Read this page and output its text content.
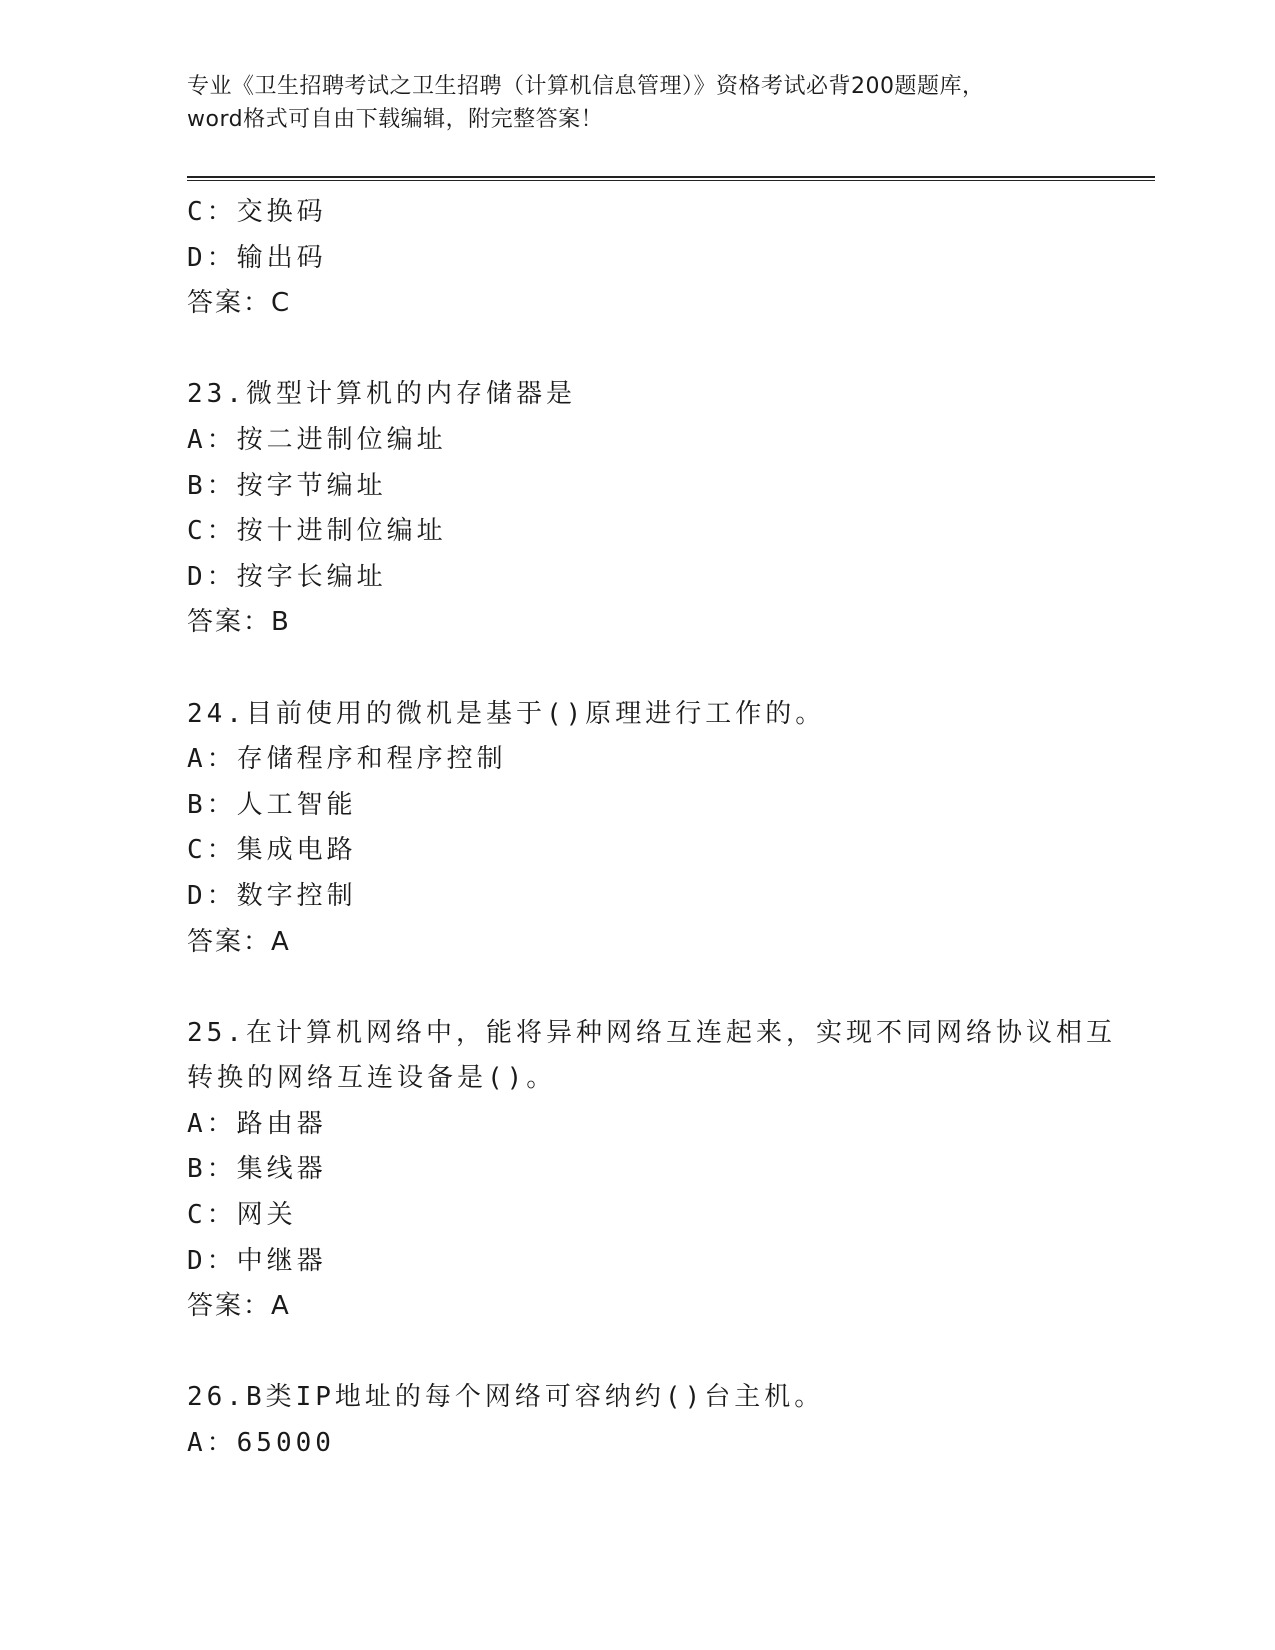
专业《卫生招聘考试之卫生招聘（计算机信息管理）》资格考试必背200题题库，
word格式可自由下载编辑，附完整答案！
C：交换码
D：输出码
答案：C
23.微型计算机的内存储器是
A：按二进制位编址
B：按字节编址
C：按十进制位编址
D：按字长编址
答案：B
24.目前使用的微机是基于()原理进行工作的。
A：存储程序和程序控制
B：人工智能
C：集成电路
D：数字控制
答案：A
25.在计算机网络中，能将异种网络互连起来，实现不同网络协议相互
转换的网络互连设备是()。
A：路由器
B：集线器
C：网关
D：中继器
答案：A
26.B类IP地址的每个网络可容纳约()台主机。
A：65000
